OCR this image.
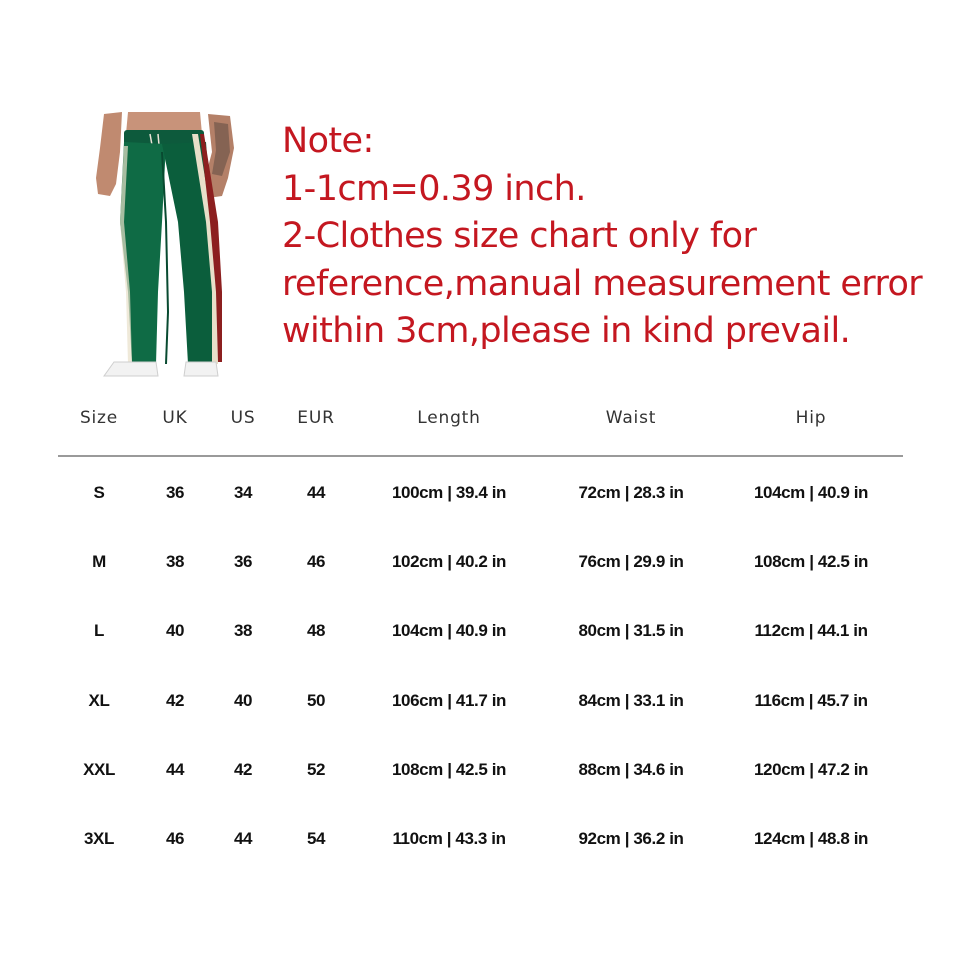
Note:
1-1cm=0.39 inch.
2-Clothes size chart only for
reference,manual measurement error
within 3cm,please in kind prevail.
Size	UK	US EUR	Length	Waist	Hip
S	36	34	44	100cm | 39.4 in	72cm | 28.3 in	104cm | 40.9 in
M	38	36	46	102cm | 40.2 in	76cm | 29.9 in	108cm | 42.5 in
L	40	38	48	104cm | 40.9 in	80cm | 31.5 in	112cm | 44.1 in
XL	42	40	50	106cm | 41.7 in	84cm | 33.1 in	116cm | 45.7 in
XXL	44	42	52	108cm | 42.5 in	88cm | 34.6 in	120cm | 47.2 in
3XL	46	44	54	110cm | 43.3 in	92cm | 36.2 in	124cm | 48.8 in
